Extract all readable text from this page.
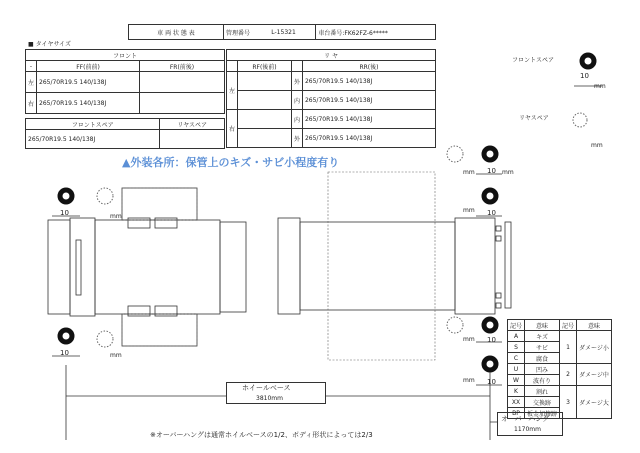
車 両 状 態 表	管理番号	L-15321	車台番号:FK62FZ-6*****
■ タイヤサイズ
フロント		
-	FF(前前)	FR(前後)
左	265/70R19.5 140/138J	
右	265/70R19.5 140/138J	
フロントスペア	リヤスペア
265/70R19.5 140/138J	
リ ヤ			
	RF(後前)		RR(後)
左		外	265/70R19.5 140/138J
		内	265/70R19.5 140/138J
右		内	265/70R19.5 140/138J
		外	265/70R19.5 140/138J
▲外装各所：保管上のキズ・サビ小程度有り
フロントスペア
リヤスペア
10	mm
10	mm
10 mm
mm
10
mm
10
mm
10
mm
10
mm
mm
ホイールベース
3810mm
オーバーハング
1170mm
記号	意味	記号	意味
A	キズ	1	ダメージ小
S	サビ		
C	腐食		
U	凹み	2	ダメージ中
W	波有り		
K	割れ	3	ダメージ大
XX	交換跡		
BP	板金加修跡		
※オーバーハングは通常ホイルベースの1/2、ボディ形状によっては2/3
